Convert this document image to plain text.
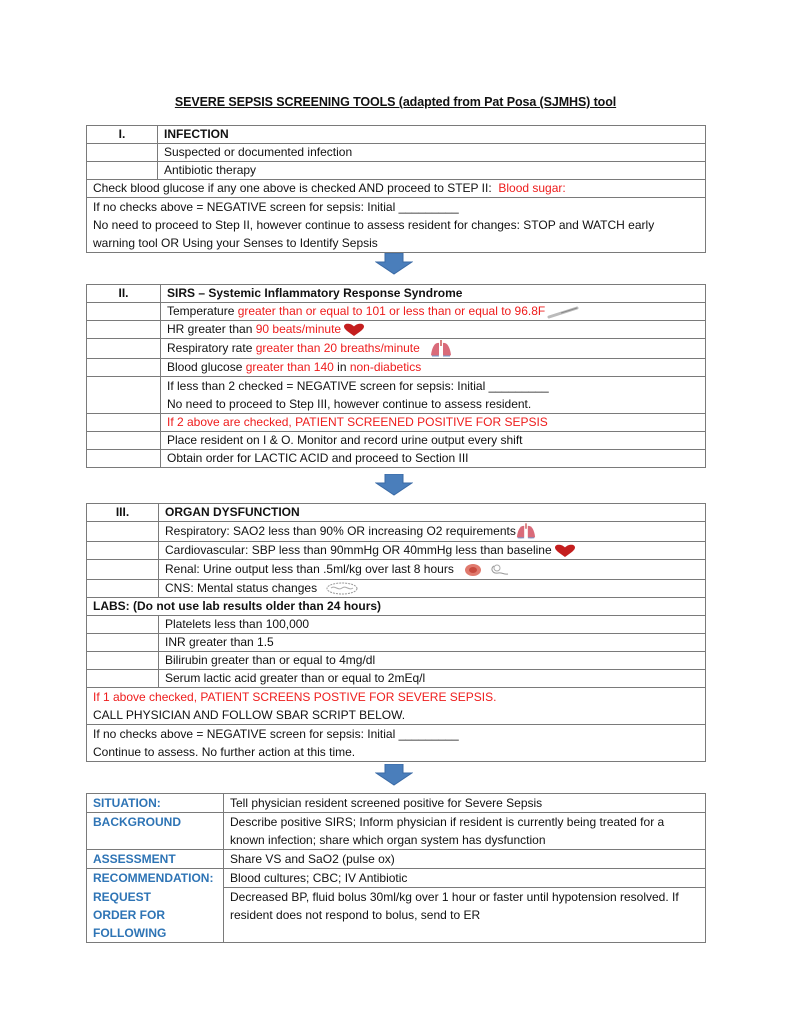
SEVERE SEPSIS SCREENING TOOLS (adapted from Pat Posa (SJMHS) tool
I.	INFECTION
	Suspected or documented infection
	Antibiotic therapy
Check blood glucose if any one above is checked AND proceed to STEP II: Blood sugar:	

If no checks above = NEGATIVE screen for sepsis: Initial _________
No need to proceed to Step II, however continue to assess resident for changes: STOP and WATCH early warning tool OR Using your Senses to Identify Sepsis	
II.	SIRS – Systemic Inflammatory Response Syndrome
	Temperature greater than or equal to 101 or less than or equal to 96.8F
	HR greater than 90 beats/minute
	Respiratory rate greater than 20 breaths/minute
	Blood glucose greater than 140 in non-diabetics

	If less than 2 checked = NEGATIVE screen for sepsis: Initial _________
No need to proceed to Step III, however continue to assess resident.

	If 2 above are checked, PATIENT SCREENED POSITIVE FOR SEPSIS
	Place resident on I & O. Monitor and record urine output every shift
	Obtain order for LACTIC ACID and proceed to Section III
III.	ORGAN DYSFUNCTION
	Respiratory: SAO2 less than 90% OR increasing O2 requirements
	Cardiovascular: SBP less than 90mmHg OR 40mmHg less than baseline
	Renal: Urine output less than .5ml/kg over last 8 hours
	CNS: Mental status changes
LABS: (Do not use lab results older than 24 hours)	
	Platelets less than 100,000
	INR greater than 1.5
	Bilirubin greater than or equal to 4mg/dl
	Serum lactic acid greater than or equal to 2mEq/l

If 1 above checked, PATIENT SCREENS POSTIVE FOR SEVERE SEPSIS.
CALL PHYSICIAN AND FOLLOW SBAR SCRIPT BELOW.	

If no checks above = NEGATIVE screen for sepsis: Initial _________
Continue to assess. No further action at this time.	
SITUATION:	Tell physician resident screened positive for Severe Sepsis
BACKGROUND	Describe positive SIRS; Inform physician if resident is currently being treated for a known infection; share which organ system has dysfunction
ASSESSMENT	Share VS and SaO2 (pulse ox)
RECOMMENDATION:	Blood cultures; CBC; IV Antibiotic
REQUEST ORDER FOR FOLLOWING	Decreased BP, fluid bolus 30ml/kg over 1 hour or faster until hypotension resolved. If resident does not respond to bolus, send to ER
